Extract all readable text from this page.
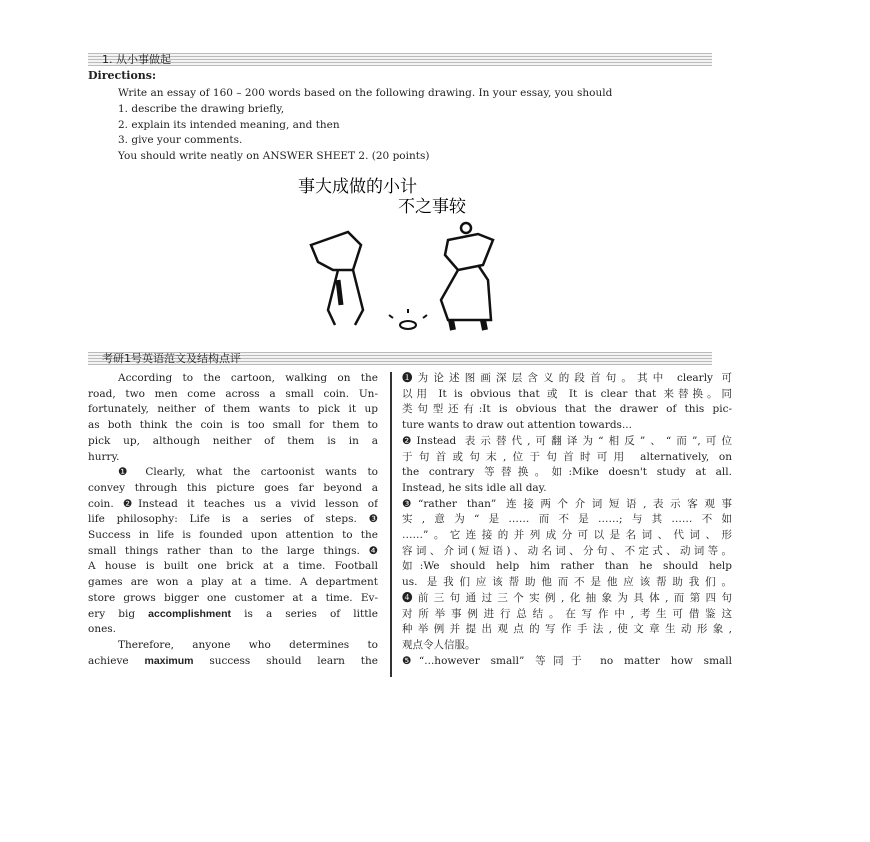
1. 从小事做起
Directions:
Write an essay of 160 – 200 words based on the following drawing. In your essay, you should
1. describe the drawing briefly,
2. explain its intended meaning, and then
3. give your comments.
You should write neatly on ANSWER SHEET 2. (20 points)
事大成做的小计
不之事较
考研1号英语范文及结构点评
According to the cartoon, walking on the
road, two men come across a small coin. Un-
fortunately, neither of them wants to pick it up
as both think the coin is too small for them to
pick up, although neither of them is in a
hurry.
❶ Clearly, what the cartoonist wants to
convey through this picture goes far beyond a
coin. ❷Instead it teaches us a vivid lesson of
life philosophy: Life is a series of steps. ❸
Success in life is founded upon attention to the
small things rather than to the large things. ❹
A house is built one brick at a time. Football
games are won a play at a time. A department
store grows bigger one customer at a time. Ev-
ery big accomplishment is a series of little
ones.
Therefore, anyone who determines to
achieve maximum success should learn the
❶为论述图画深层含义的段首句。其中 clearly 可
以用 It is obvious that 或 It is clear that 来替换。同
类句型还有:It is obvious that the drawer of this pic-
ture wants to draw out attention towards...
❷Instead 表示替代,可翻译为“相反”、“而”,可位
于句首或句末,位于句首时可用 alternatively, on
the contrary 等替换。如:Mike doesn't study at all.
Instead, he sits idle all day.
❸“rather than” 连接两个介词短语,表示客观事
实,意为“是……而不是……;与其……不如
……”。它连接的并列成分可以是名词、代词、形
容词、介词(短语)、动名词、分句、不定式、动词等。
如:We should help him rather than he should help
us. 是我们应该帮助他而不是他应该帮助我们。
❹前三句通过三个实例,化抽象为具体,而第四句
对所举事例进行总结。在写作中,考生可借鉴这
种举例并提出观点的写作手法,使文章生动形象,
观点令人信服。
❺“...however small” 等同于 no matter how small
